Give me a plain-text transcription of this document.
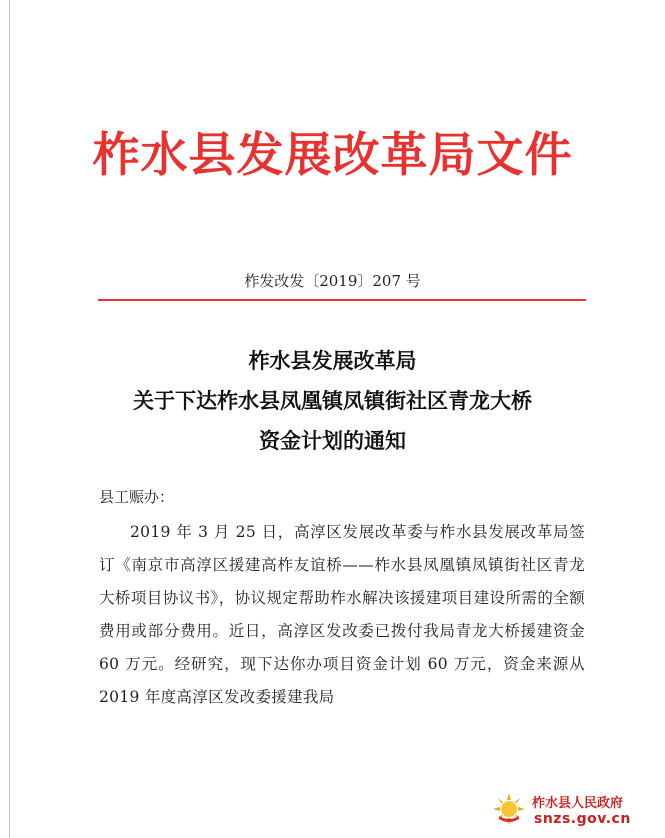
柞水县发展改革局文件
柞发改发〔2019〕207 号
柞水县发展改革局
关于下达柞水县凤凰镇凤镇街社区青龙大桥
资金计划的通知
县工赈办：
2019 年 3 月 25 日，高淳区发展改革委与柞水县发展改革局签订《南京市高淳区援建高柞友谊桥——柞水县凤凰镇凤镇街社区青龙大桥项目协议书》，协议规定帮助柞水解决该援建项目建设所需的全额费用或部分费用。近日，高淳区发改委已拨付我局青龙大桥援建资金 60 万元。经研究，现下达你办项目资金计划 60 万元，资金来源从 2019 年度高淳区发改委援建我局
柞水县人民政府
snzs.gov.cn
